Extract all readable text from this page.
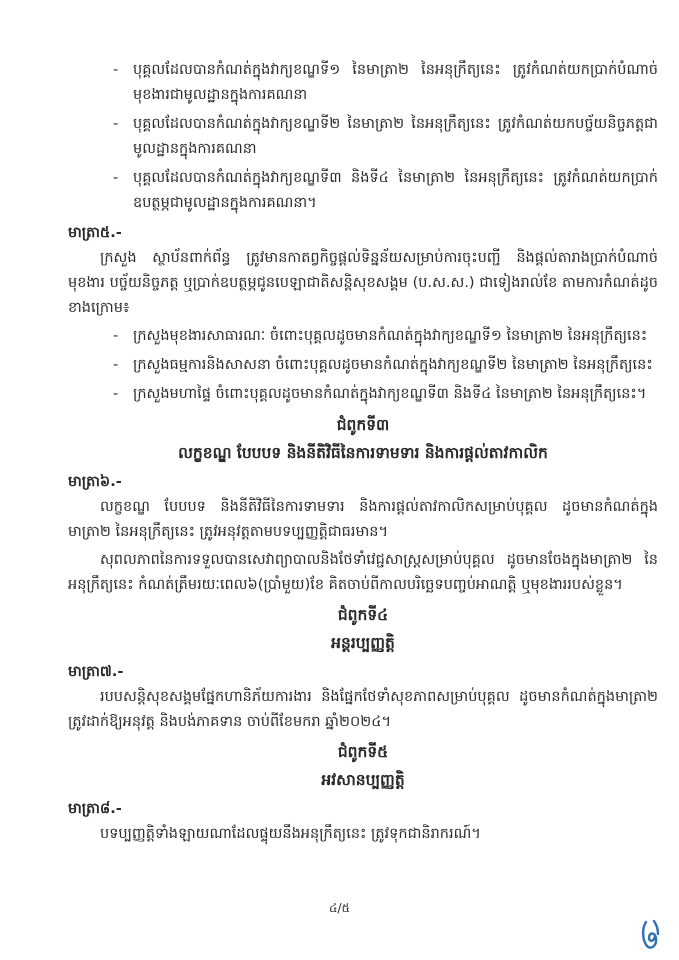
- បុគ្គលដែលបានកំណត់ក្នុងវាក្យខណ្ឌទី១ នៃមាត្រា២ នៃអនុក្រឹត្យនេះ ត្រូវកំណត់យកប្រាក់បំណាច់មុខងារជាមូលដ្ឋានក្នុងការគណនា
- បុគ្គលដែលបានកំណត់ក្នុងវាក្យខណ្ឌទី២ នៃមាត្រា២ នៃអនុក្រឹត្យនេះ ត្រូវកំណត់យកបច្ច័យនិច្ចភត្តជាមូលដ្ឋានក្នុងការគណនា
- បុគ្គលដែលបានកំណត់ក្នុងវាក្យខណ្ឌទី៣ និងទី៤ នៃមាត្រា២ នៃអនុក្រឹត្យនេះ ត្រូវកំណត់យកប្រាក់ឧបត្ថម្ភជាមូលដ្ឋានក្នុងការគណនា។
មាត្រា៥.-
ក្រសួង ស្ថាប័នពាក់ព័ន្ធ ត្រូវមានកាតព្វកិច្ចផ្តល់ទិន្នន័យសម្រាប់ការចុះបញ្ជី និងផ្តល់តារាងប្រាក់បំណាច់មុខងារ បច្ច័យនិច្ចភត្ត ឬប្រាក់ឧបត្ថម្ភជូនបេឡាជាតិសន្តិសុខសង្គម (ប.ស.ស.) ជាទៀងរាល់ខែ តាមការកំណត់ដូចខាងក្រោម៖
- ក្រសួងមុខងារសាធារណៈ ចំពោះបុគ្គលដូចមានកំណត់ក្នុងវាក្យខណ្ឌទី១ នៃមាត្រា២ នៃអនុក្រឹត្យនេះ
- ក្រសួងធម្មការនិងសាសនា ចំពោះបុគ្គលដូចមានកំណត់ក្នុងវាក្យខណ្ឌទី២ នៃមាត្រា២ នៃអនុក្រឹត្យនេះ
- ក្រសួងមហាផ្ទៃ ចំពោះបុគ្គលដូចមានកំណត់ក្នុងវាក្យខណ្ឌទី៣ និងទី៤ នៃមាត្រា២ នៃអនុក្រឹត្យនេះ។
ជំពូកទី៣
លក្ខខណ្ឌ បែបបទ និងនីតិវិធីនៃការទាមទារ និងការផ្តល់តាវកាលិក
មាត្រា៦.-
លក្ខខណ្ឌ បែបបទ និងនីតិវិធីនៃការទាមទារ និងការផ្តល់តាវកាលិកសម្រាប់បុគ្គល ដូចមានកំណត់ក្នុងមាត្រា២ នៃអនុក្រឹត្យនេះ ត្រូវអនុវត្តតាមបទប្បញ្ញត្តិជាធរមាន។
សុពលភាពនៃការទទួលបានសេវាព្យាបាលនិងថែទាំវេជ្ជសាស្ត្រសម្រាប់បុគ្គល ដូចមានចែងក្នុងមាត្រា២ នៃអនុក្រឹត្យនេះ កំណត់ត្រឹមរយៈពេល៦(ប្រាំមួយ)ខែ គិតចាប់ពីកាលបរិច្ឆេទបញ្ចប់អាណត្តិ ឬមុខងាររបស់ខ្លួន។
ជំពូកទី៤
អន្តរប្បញ្ញត្តិ
មាត្រា៧.-
របបសន្តិសុខសង្គមផ្នែកហានិភ័យការងារ និងផ្នែកថែទាំសុខភាពសម្រាប់បុគ្គល ដូចមានកំណត់ក្នុងមាត្រា២ ត្រូវដាក់ឱ្យអនុវត្ត និងបង់ភាគទាន ចាប់ពីខែមករា ឆ្នាំ២០២៤។
ជំពូកទី៥
អវសានប្បញ្ញត្តិ
មាត្រា៨.-
បទប្បញ្ញត្តិទាំងឡាយណាដែលផ្ទុយនឹងអនុក្រឹត្យនេះ ត្រូវទុកជានិរាករណ៍។
៤/៥
